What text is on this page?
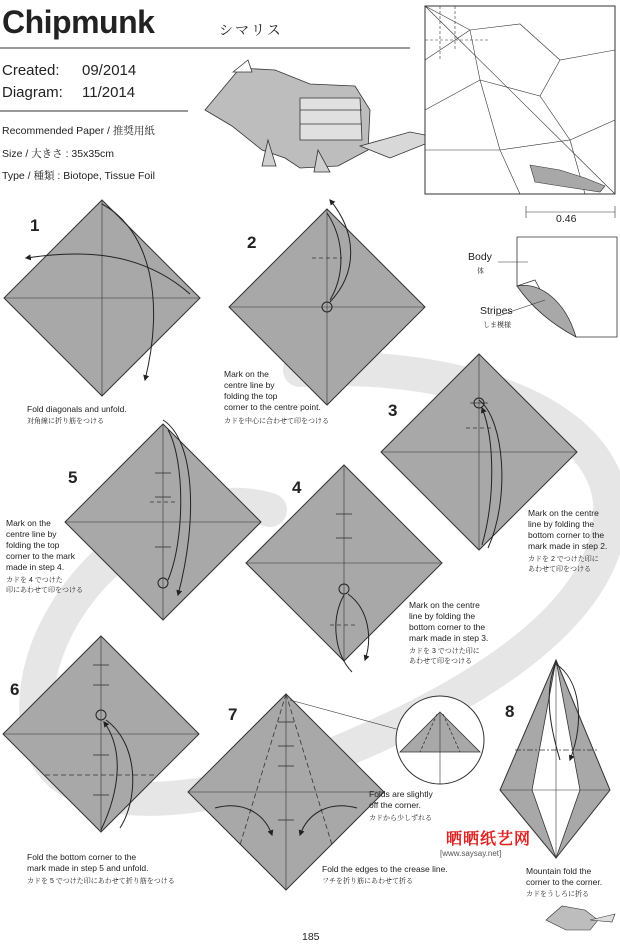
Chipmunk	シマリス
Created: 09/2014
Diagram: 11/2014
Recommended Paper / 推奨用紙
Size / 大きさ : 35x35cm
Type / 種類 : Biotope, Tissue Foil
0.46
Body
体
Stripes
しま模様
1
2
3
4
5
6
7	8
Fold diagonals and unfold.
対角線に折り筋をつける
Mark on the
centre line by
folding the top
corner to the centre point.
カドを中心に合わせて印をつける
Mark on the centre
line by folding the
bottom corner to the
mark made in step 2.
カドを 2 でつけた印に
あわせて印をつける
Mark on the centre
line by folding the
bottom corner to the
mark made in step 3.
カドを 3 でつけた印に
あわせて印をつける
Mark on the
centre line by
folding the top
corner to the mark
made in step 4.
カドを 4 でつけた
印にあわせて印をつける
Fold the bottom corner to the
mark made in step 5 and unfold.
カドを 5 でつけた印にあわせて折り筋をつける
Fold the edges to the crease line.
フチを折り筋にあわせて折る
Folds are slightly
off the corner.
カドから少しずれる
Mountain fold the
corner to the corner.
カドをうしろに折る
晒晒纸艺网
[www.saysay.net]
185
